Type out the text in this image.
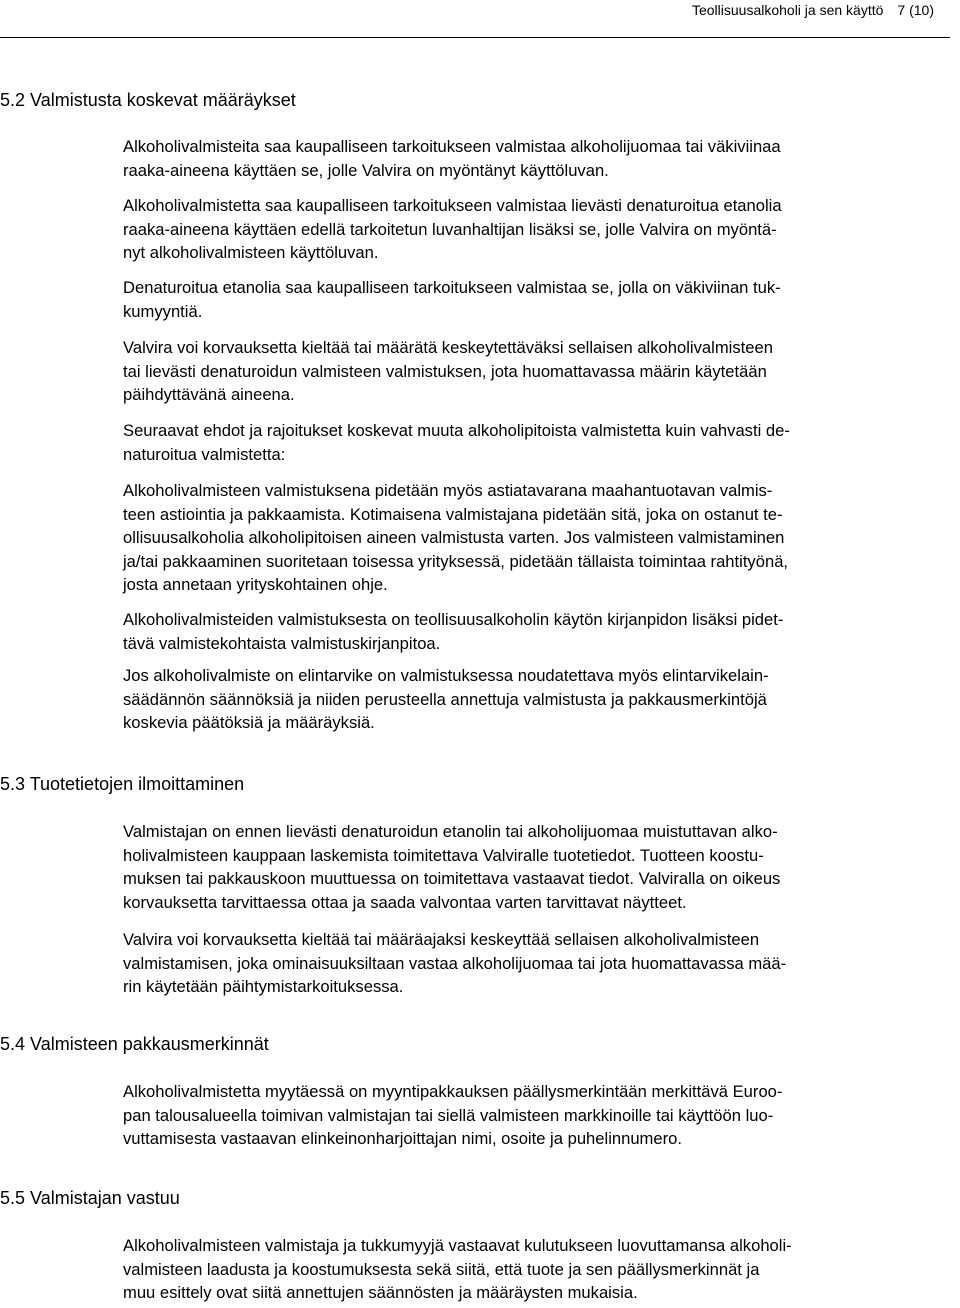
Teollisuusalkoholi ja sen käyttö 7 (10)
5.2 Valmistusta koskevat määräykset

Alkoholivalmisteita saa kaupalliseen tarkoitukseen valmistaa alkoholijuomaa tai väkiviinaa

raaka-aineena käyttäen se, jolle Valvira on myöntänyt käyttöluvan.

Alkoholivalmistetta saa kaupalliseen tarkoitukseen valmistaa lievästi denaturoitua etanolia

raaka-aineena käyttäen edellä tarkoitetun luvanhaltijan lisäksi se, jolle Valvira on myöntä-

nyt alkoholivalmisteen käyttöluvan.

Denaturoitua etanolia saa kaupalliseen tarkoitukseen valmistaa se, jolla on väkiviinan tuk-

kumyyntiä.

Valvira voi korvauksetta kieltää tai määrätä keskeytettäväksi sellaisen alkoholivalmisteen

tai lievästi denaturoidun valmisteen valmistuksen, jota huomattavassa määrin käytetään

päihdyttävänä aineena.

Seuraavat ehdot ja rajoitukset koskevat muuta alkoholipitoista valmistetta kuin vahvasti de-

naturoitua valmistetta:

Alkoholivalmisteen valmistuksena pidetään myös astiatavarana maahantuotavan valmis-

teen astiointia ja pakkaamista. Kotimaisena valmistajana pidetään sitä, joka on ostanut te-

ollisuusalkoholia alkoholipitoisen aineen valmistusta varten. Jos valmisteen valmistaminen

ja/tai pakkaaminen suoritetaan toisessa yrityksessä, pidetään tällaista toimintaa rahtityönä,

josta annetaan yrityskohtainen ohje.

Alkoholivalmisteiden valmistuksesta on teollisuusalkoholin käytön kirjanpidon lisäksi pidet-

tävä valmistekohtaista valmistuskirjanpitoa.

Jos alkoholivalmiste on elintarvike on valmistuksessa noudatettava myös elintarvikelain-

säädännön säännöksiä ja niiden perusteella annettuja valmistusta ja pakkausmerkintöjä

koskevia päätöksiä ja määräyksiä.

5.3 Tuotetietojen ilmoittaminen

Valmistajan on ennen lievästi denaturoidun etanolin tai alkoholijuomaa muistuttavan alko-

holivalmisteen kauppaan laskemista toimitettava Valviralle tuotetiedot. Tuotteen koostu-

muksen tai pakkauskoon muuttuessa on toimitettava vastaavat tiedot. Valviralla on oikeus

korvauksetta tarvittaessa ottaa ja saada valvontaa varten tarvittavat näytteet.

Valvira voi korvauksetta kieltää tai määräajaksi keskeyttää sellaisen alkoholivalmisteen

valmistamisen, joka ominaisuuksiltaan vastaa alkoholijuomaa tai jota huomattavassa mää-

rin käytetään päihtymistarkoituksessa.

5.4 Valmisteen pakkausmerkinnät

Alkoholivalmistetta myytäessä on myyntipakkauksen päällysmerkintään merkittävä Euroo-

pan talousalueella toimivan valmistajan tai siellä valmisteen markkinoille tai käyttöön luo-

vuttamisesta vastaavan elinkeinonharjoittajan nimi, osoite ja puhelinnumero.

5.5 Valmistajan vastuu

Alkoholivalmisteen valmistaja ja tukkumyyjä vastaavat kulutukseen luovuttamansa alkoholi-

valmisteen laadusta ja koostumuksesta sekä siitä, että tuote ja sen päällysmerkinnät ja

muu esittely ovat siitä annettujen säännösten ja määräysten mukaisia.
